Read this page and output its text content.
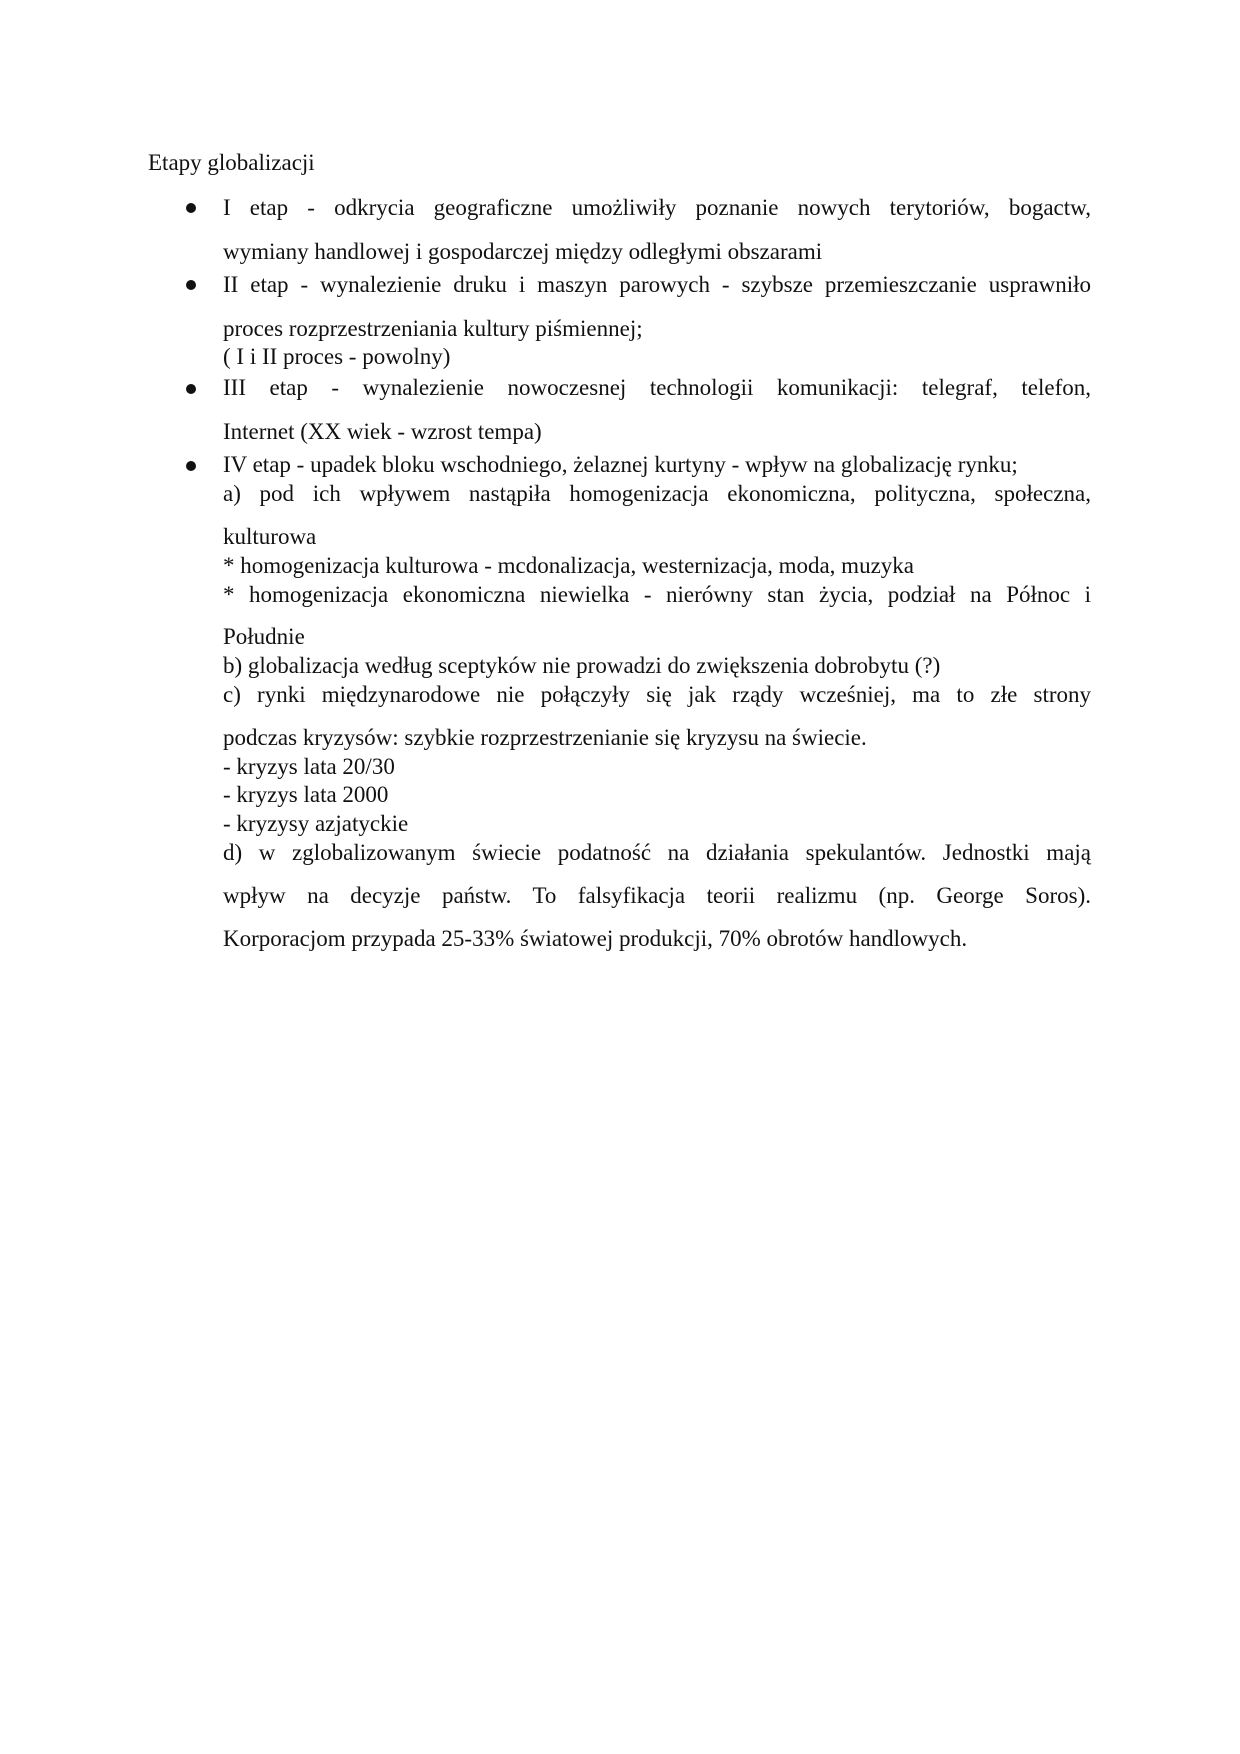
Etapy globalizacji
I etap - odkrycia geograficzne umożliwiły poznanie nowych terytoriów, bogactw,
wymiany handlowej i gospodarczej między odległymi obszarami
II etap - wynalezienie druku i maszyn parowych - szybsze przemieszczanie usprawniło
proces rozprzestrzeniania kultury piśmiennej;
( I i II proces - powolny)
III etap - wynalezienie nowoczesnej technologii komunikacji: telegraf, telefon,
Internet (XX wiek - wzrost tempa)
IV etap - upadek bloku wschodniego, żelaznej kurtyny - wpływ na globalizację rynku;
a) pod ich wpływem nastąpiła homogenizacja ekonomiczna, polityczna, społeczna,
kulturowa
* homogenizacja kulturowa - mcdonalizacja, westernizacja, moda, muzyka
* homogenizacja ekonomiczna niewielka - nierówny stan życia, podział na Północ i
Południe
b) globalizacja według sceptyków nie prowadzi do zwiększenia dobrobytu (?)
c) rynki międzynarodowe nie połączyły się jak rządy wcześniej, ma to złe strony
podczas kryzysów: szybkie rozprzestrzenianie się kryzysu na świecie.
- kryzys lata 20/30
- kryzys lata 2000
- kryzysy azjatyckie
d) w zglobalizowanym świecie podatność na działania spekulantów. Jednostki mają
wpływ na decyzje państw. To falsyfikacja teorii realizmu (np. George Soros).
Korporacjom przypada 25-33% światowej produkcji, 70% obrotów handlowych.
